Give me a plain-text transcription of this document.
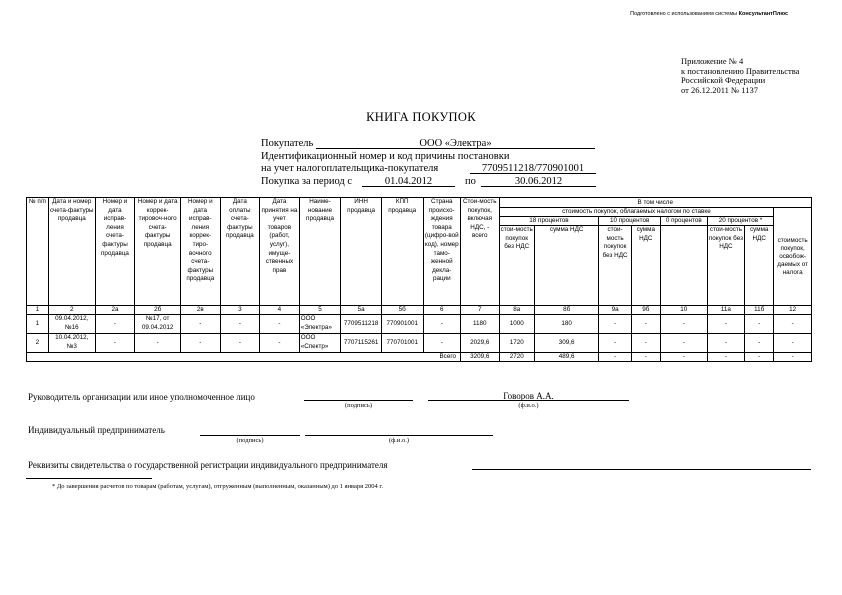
Подготовлено с использованием системы КонсультантПлюс
Приложение № 4
к постановлению Правительства
Российской Федерации
от 26.12.2011 № 1137
КНИГА ПОКУПОК
Покупатель	ООО «Электра»
Идентификационный номер и код причины постановки
на учет налогоплательщика-покупателя	7709511218/770901001
Покупка за период с	01.04.2012	по	30.06.2012
№ п/п	Дата и номер счета-фактуры продавца	Номер и дата исправ-ления счета-фактуры продавца	Номер и дата коррек-тировоч-ного счета-фактуры продавца	Номер и дата исправ-ления коррек-тиро-вочного счета-фактуры продавца	Дата оплаты счета-фактуры продавца	Дата принятия на учет товаров (работ, услуг), имуще-ственных прав	Наиме-нование продавца	ИНН продавца	КПП продавца	Страна происхо-ждения товара (цифро-вой код), номер тамо-женной декла-рации	Стои-мость покупок, включая НДС, - всего	В том числе							
												стоимость покупок, облагаемых налогом по ставке							стоимость покупок, освобож-даемых от налога
												18 процентов		10 процентов		0 процентов	20 процентов *		
												стои-мость покупок без НДС	сумма НДС	стои-мость покупок без НДС	сумма НДС		стои-мость покупок без НДС	сумма НДС	
1	2	2а	2б	2в	3	4	5	5а	5б	6	7	8а	8б	9а	9б	10	11а	11б	12
1	09.04.2012, №16	-	№17, от 09.04.2012	-	-	-	ООО «Электра»	7709511218	770901001	-	1180	1000	180	-	-	-	-	-	-
2	10.04.2012, №3	-	-	-	-	-	ООО «Спектр»	7707115261	770701001	-	2029,6	1720	309,6	-	-	-	-	-	-
Всего											3209,6	2720	489,6	-	-	-	-	-	-
Руководитель организации или иное уполномоченное лицо
(подпись)
Говоров А.А.
(ф.и.о.)
Индивидуальный предприниматель
(подпись)	(ф.и.о.)
Реквизиты свидетельства о государственной регистрации индивидуального предпринимателя
* До завершения расчетов по товарам (работам, услугам), отгруженным (выполненным, оказанным) до 1 января 2004 г.
